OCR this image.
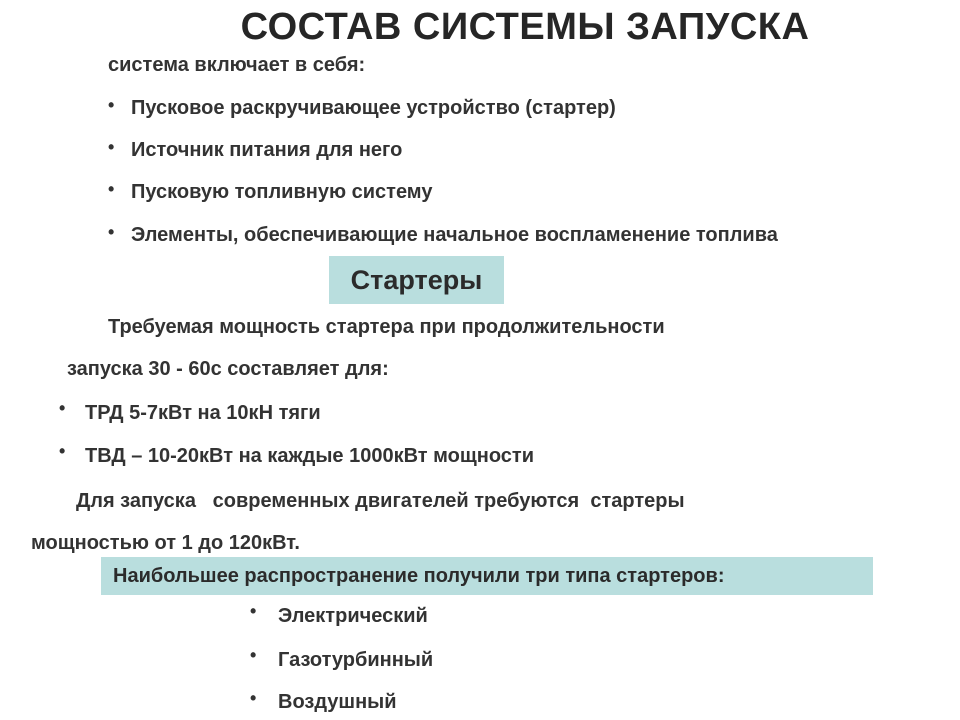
СОСТАВ СИСТЕМЫ ЗАПУСКА
система включает в себя:
• Пусковое раскручивающее устройство (стартер)
• Источник питания для него
• Пусковую топливную систему
• Элементы, обеспечивающие начальное воспламенение топлива
Стартеры
Требуемая мощность стартера при продолжительности
запуска 30 - 60с составляет для:
• ТРД 5-7кВт на 10кН тяги
• ТВД – 10-20кВт на каждые 1000кВт мощности
Для запуска   современных двигателей требуются  стартеры
мощностью от 1 до 120кВт.
Наибольшее распространение получили три типа стартеров:
• Электрический
• Газотурбинный
• Воздушный
